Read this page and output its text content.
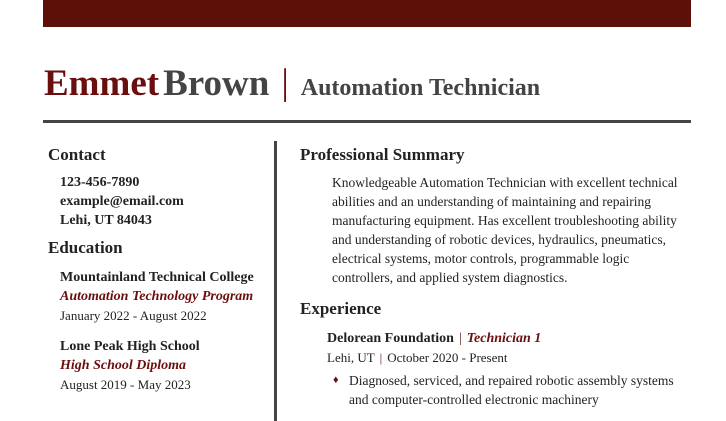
Emmet Brown | Automation Technician
Contact
123-456-7890
example@email.com
Lehi, UT 84043
Education
Mountainland Technical College
Automation Technology Program
January 2022 - August 2022
Lone Peak High School
High School Diploma
August 2019 - May 2023
Professional Summary
Knowledgeable Automation Technician with excellent technical abilities and an understanding of maintaining and repairing manufacturing equipment. Has excellent troubleshooting ability and understanding of robotic devices, hydraulics, pneumatics, electrical systems, motor controls, programmable logic controllers, and applied system diagnostics.
Experience
Delorean Foundation | Technician 1
Lehi, UT | October 2020 - Present
♦ Diagnosed, serviced, and repaired robotic assembly systems and computer-controlled electronic machinery
